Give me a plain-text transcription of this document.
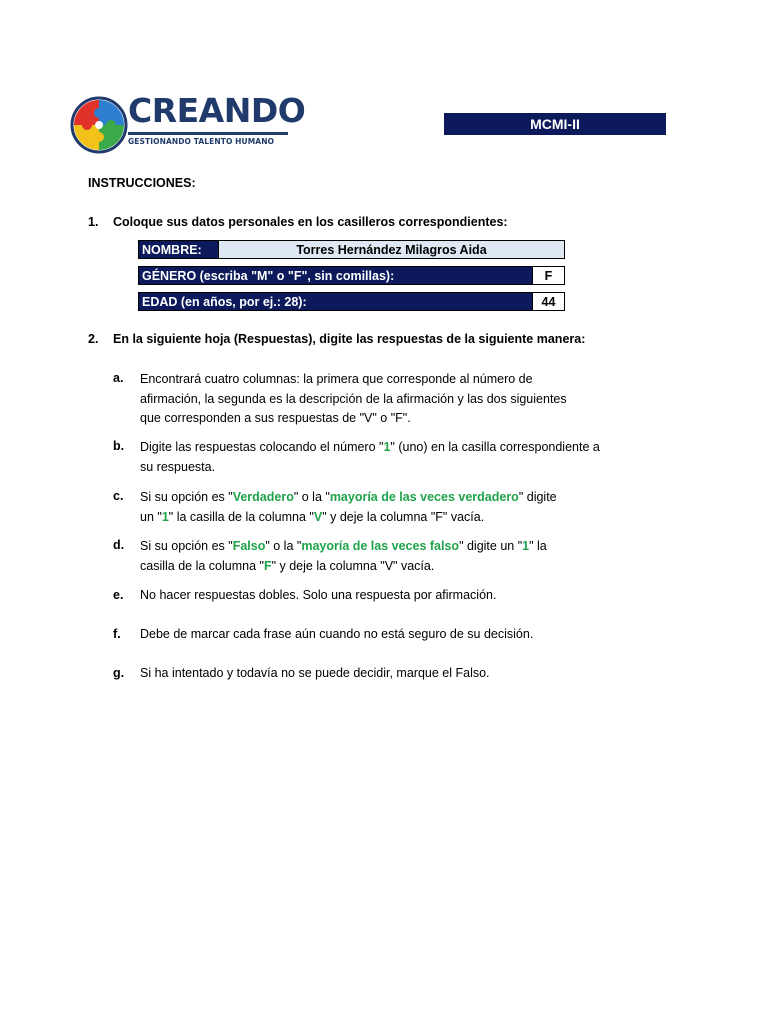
CREANDO
GESTIONANDO TALENTO HUMANO
MCMI-II
INSTRUCCIONES:
1. Coloque sus datos personales en los casilleros correspondientes:
NOMBRE:	Torres Hernández Milagros Aida
GÉNERO (escriba "M" o "F", sin comillas):	F
EDAD (en años, por ej.: 28):	44
2. En la siguiente hoja (Respuestas), digite las respuestas de la siguiente manera:
a. Encontrará cuatro columnas: la primera que corresponde al número de
afirmación, la segunda es la descripción de la afirmación y las dos siguientes
que corresponden a sus respuestas de "V" o "F".
b. Digite las respuestas colocando el número "1" (uno) en la casilla correspondiente a
su respuesta.
c. Si su opción es "Verdadero" o la "mayoría de las veces verdadero" digite
un "1" la casilla de la columna "V" y deje la columna "F" vacía.
d. Si su opción es "Falso" o la "mayoría de las veces falso" digite un "1" la
casilla de la columna "F" y deje la columna "V" vacía.
e. No hacer respuestas dobles. Solo una respuesta por afirmación.
f. Debe de marcar cada frase aún cuando no está seguro de su decisión.
g. Si ha intentado y todavía no se puede decidir, marque el Falso.
